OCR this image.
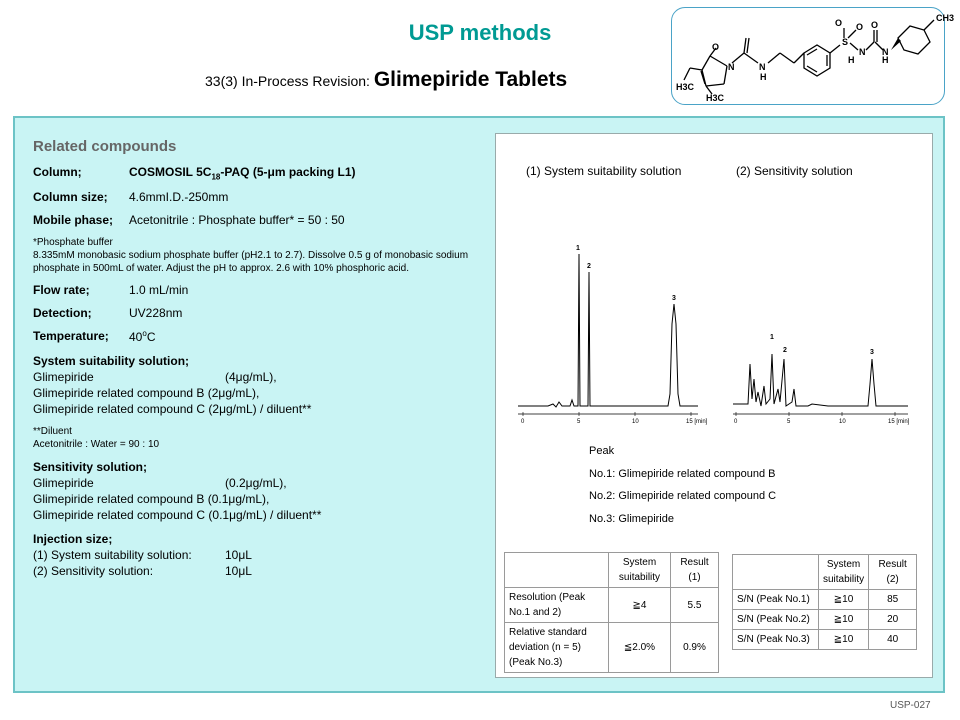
USP methods
33(3) In-Process Revision: Glimepiride Tablets
CH3
O
S
O O
N	N
O	N
H
H	H
H3C
H3C
N
Related compounds
Column;	COSMOSIL $5C_{18}$-PAQ (5-μm packing L1)
Column size;	4.6mmI.D.-250mm
Mobile phase;	Acetonitrile : Phosphate buffer* = 50 : 50
*Phosphate buffer
8.335mM monobasic sodium phosphate buffer (pH2.1 to 2.7). Dissolve 0.5 g of monobasic sodium phosphate in 500mL of water. Adjust the pH to approx. 2.6 with 10% phosphoric acid.
Flow rate;	1.0 mL/min
Detection;	UV228nm
Temperature;	40$^o$C
System suitability solution;
Glimepiride	(4μg/mL),
Glimepiride related compound B (2μg/mL),
Glimepiride related compound C (2μg/mL) / diluent**
**Diluent
Acetonitrile : Water = 90 : 10
Sensitivity solution;
Glimepiride	(0.2μg/mL),
Glimepiride related compound B (0.1μg/mL),
Glimepiride related compound C (0.1μg/mL) / diluent**
Injection size;
(1) System suitability solution:	10μL
(2) Sensitivity solution:	10μL
(1) System suitability solution	(2) Sensitivity solution
0	5	10	15 [min]
1
2
3
0	5	10	15 [min]
1
2	3
Peak
No.1: Glimepiride related compound B
No.2: Glimepiride related compound C
No.3: Glimepiride
	System suitability	Result (1)
Resolution (Peak No.1 and 2)	≧4	5.5
Relative standard deviation (n = 5)(Peak No.3)	≦2.0%	0.9%
	System suitability	Result (2)
S/N (Peak No.1)	≧10	85
S/N (Peak No.2)	≧10	20
S/N (Peak No.3)	≧10	40
USP-027
